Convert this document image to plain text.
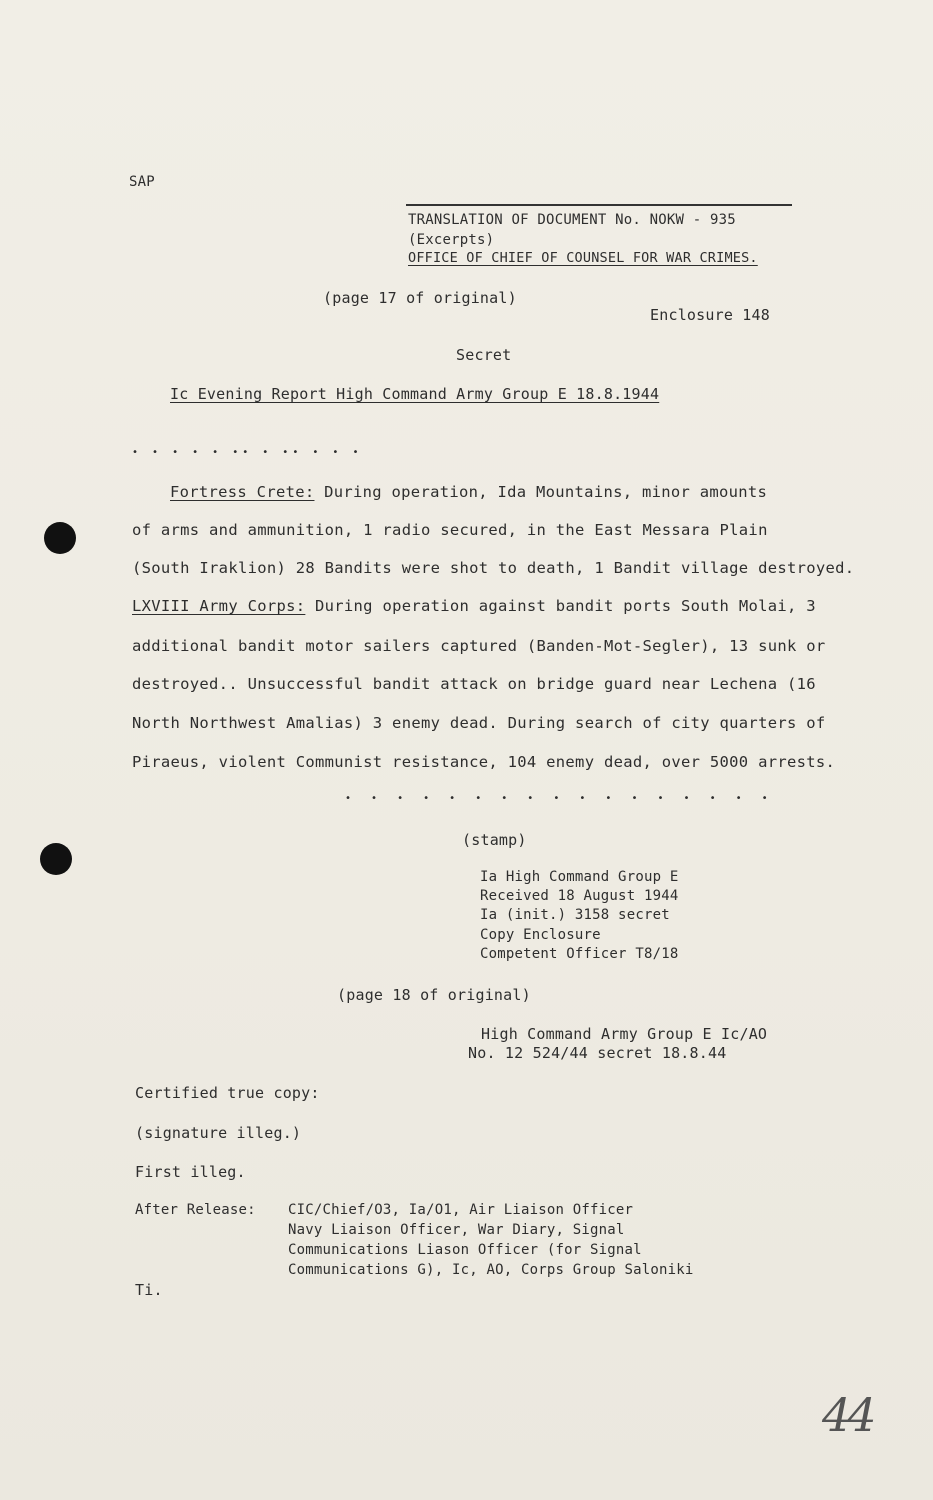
SAP
TRANSLATION OF DOCUMENT No. NOKW - 935
(Excerpts)
OFFICE OF CHIEF OF COUNSEL FOR WAR CRIMES.
(page 17 of original)
Enclosure 148
Secret
Ic Evening Report High Command Army Group E 18.8.1944
• • • • • •• • •• • • •
Fortress Crete: During operation, Ida Mountains, minor amounts
of arms and ammunition, 1 radio secured, in the East Messara Plain
(South Iraklion) 28 Bandits were shot to death, 1 Bandit village destroyed.
LXVIII Army Corps: During operation against bandit ports South Molai, 3
additional bandit motor sailers captured (Banden-Mot-Segler), 13 sunk or
destroyed.. Unsuccessful bandit attack on bridge guard near Lechena (16
North Northwest Amalias) 3 enemy dead. During search of city quarters of
Piraeus, violent Communist resistance, 104 enemy dead, over 5000 arrests.
• • • • • • • • • • • • • • • • •
(stamp)
Ia High Command Group E
Received 18 August 1944
Ia (init.) 3158 secret
Copy Enclosure
Competent Officer T8/18
(page 18 of original)
High Command Army Group E Ic/AO
No. 12 524/44 secret 18.8.44
Certified true copy:
(signature illeg.)
First illeg.
After Release: CIC/Chief/O3, Ia/O1, Air Liaison Officer
Navy Liaison Officer, War Diary, Signal
Communications Liason Officer (for Signal
Communications G), Ic, AO, Corps Group Saloniki
Ti.
44
